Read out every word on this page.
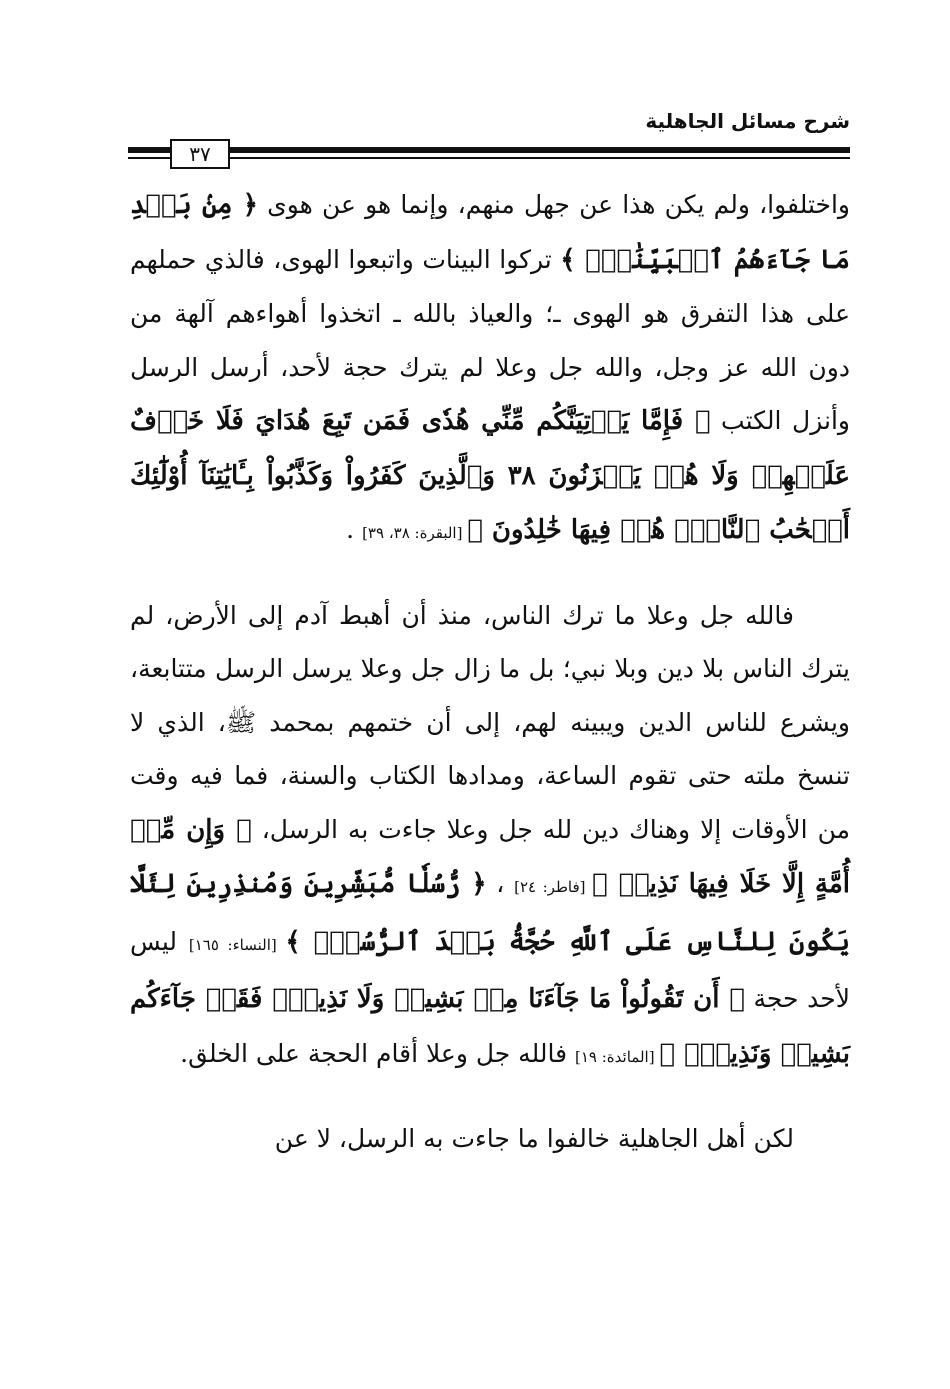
شرح مسائل الجاهلية
٣٧

واختلفوا، ولم يكن هذا عن جهل منهم، وإنما هو عن هوى ﴿ مِنۢ بَعۡدِ مَا جَآءَهُمُ ٱلۡبَيِّنَٰتُۚ ﴾ تركوا البينات واتبعوا الهوى، فالذي حملهم على هذا التفرق هو الهوى ـ؛ والعياذ بالله ـ اتخذوا أهواءهم آلهة من دون الله عز وجل، والله جل وعلا لم يترك حجة لأحد، أرسل الرسل وأنزل الكتب ﴿ فَإِمَّا يَأۡتِيَنَّكُم مِّنِّي هُدٗى فَمَن تَبِعَ هُدَايَ فَلَا خَوۡفٌ عَلَيۡهِمۡ وَلَا هُمۡ يَحۡزَنُونَ ٣٨ وَٱلَّذِينَ كَفَرُواْ وَكَذَّبُواْ بِـَٔايَٰتِنَآ أُوْلَٰٓئِكَ أَصۡحَٰبُ ٱلنَّارِۖ هُمۡ فِيهَا خَٰلِدُونَ ﴾ [البقرة: ٣٨، ٣٩] .

فالله جل وعلا ما ترك الناس، منذ أن أهبط آدم إلى الأرض، لم يترك الناس بلا دين وبلا نبي؛ بل ما زال جل وعلا يرسل الرسل متتابعة، ويشرع للناس الدين ويبينه لهم، إلى أن ختمهم بمحمد ﷺ، الذي لا تنسخ ملته حتى تقوم الساعة، ومدادها الكتاب والسنة، فما فيه وقت من الأوقات إلا وهناك دين لله جل وعلا جاءت به الرسل، ﴿ وَإِن مِّنۡ أُمَّةٍ إِلَّا خَلَا فِيهَا نَذِيرٞ ﴾ [فاطر: ٢٤] ، ﴿ رُّسُلٗا مُّبَشِّرِينَ وَمُنذِرِينَ لِئَلَّا يَكُونَ لِلنَّاسِ عَلَى ٱللَّهِ حُجَّةُۢ بَعۡدَ ٱلرُّسُلِۚ ﴾ [النساء: ١٦٥] ليس لأحد حجة ﴿ أَن تَقُولُواْ مَا جَآءَنَا مِنۢ بَشِيرٖ وَلَا نَذِيرٖۖ فَقَدۡ جَآءَكُم بَشِيرٞ وَنَذِيرٞۗ ﴾ [المائدة: ١٩] فالله جل وعلا أقام الحجة على الخلق.

لكن أهل الجاهلية خالفوا ما جاءت به الرسل، لا عن
